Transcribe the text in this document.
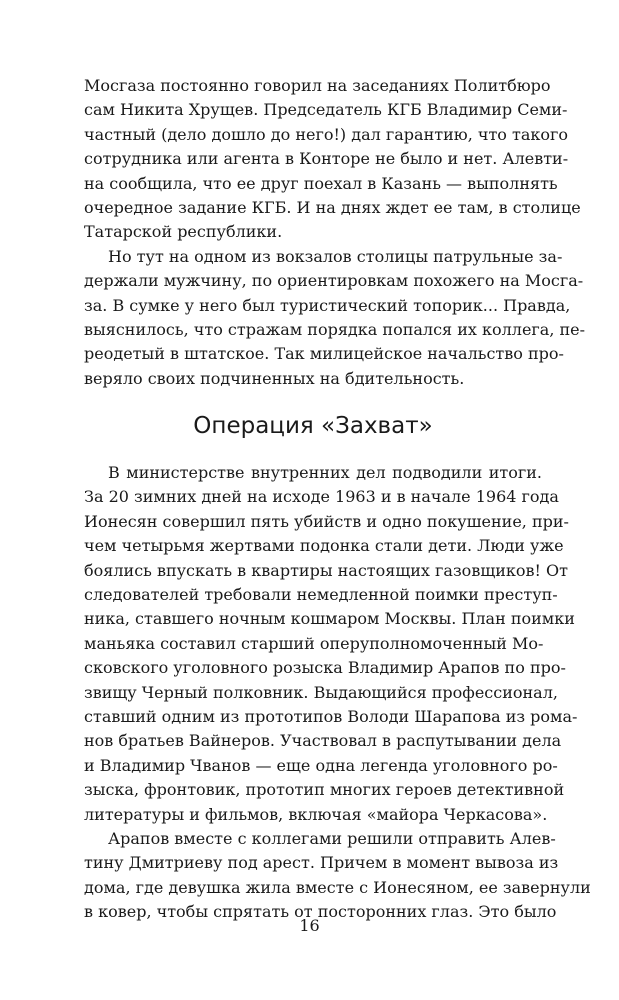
Мосгаза постоянно говорил на заседаниях Политбюро
сам Никита Хрущев. Председатель КГБ Владимир Семи-
частный (дело дошло до него!) дал гарантию, что такого
сотрудника или агента в Конторе не было и нет. Алевти-
на сообщила, что ее друг поехал в Казань — выполнять
очередное задание КГБ. И на днях ждет ее там, в столице
Татарской республики.
Но тут на одном из вокзалов столицы патрульные за-
держали мужчину, по ориентировкам похожего на Мосга-
за. В сумке у него был туристический топорик... Правда,
выяснилось, что стражам порядка попался их коллега, пе-
реодетый в штатское. Так милицейское начальство про-
веряло своих подчиненных на бдительность.
Операция «Захват»
В министерстве внутренних дел подводили итоги.
За 20 зимних дней на исходе 1963 и в начале 1964 года
Ионесян совершил пять убийств и одно покушение, при-
чем четырьмя жертвами подонка стали дети. Люди уже
боялись впускать в квартиры настоящих газовщиков! От
следователей требовали немедленной поимки преступ-
ника, ставшего ночным кошмаром Москвы. План поимки
маньяка составил старший оперуполномоченный Мо-
сковского уголовного розыска Владимир Арапов по про-
звищу Черный полковник. Выдающийся профессионал,
ставший одним из прототипов Володи Шарапова из рома-
нов братьев Вайнеров. Участвовал в распутывании дела
и Владимир Чванов — еще одна легенда уголовного ро-
зыска, фронтовик, прототип многих героев детективной
литературы и фильмов, включая «майора Черкасова».
Арапов вместе с коллегами решили отправить Алев-
тину Дмитриеву под арест. Причем в момент вывоза из
дома, где девушка жила вместе с Ионесяном, ее завернули
в ковер, чтобы спрятать от посторонних глаз. Это было
16
